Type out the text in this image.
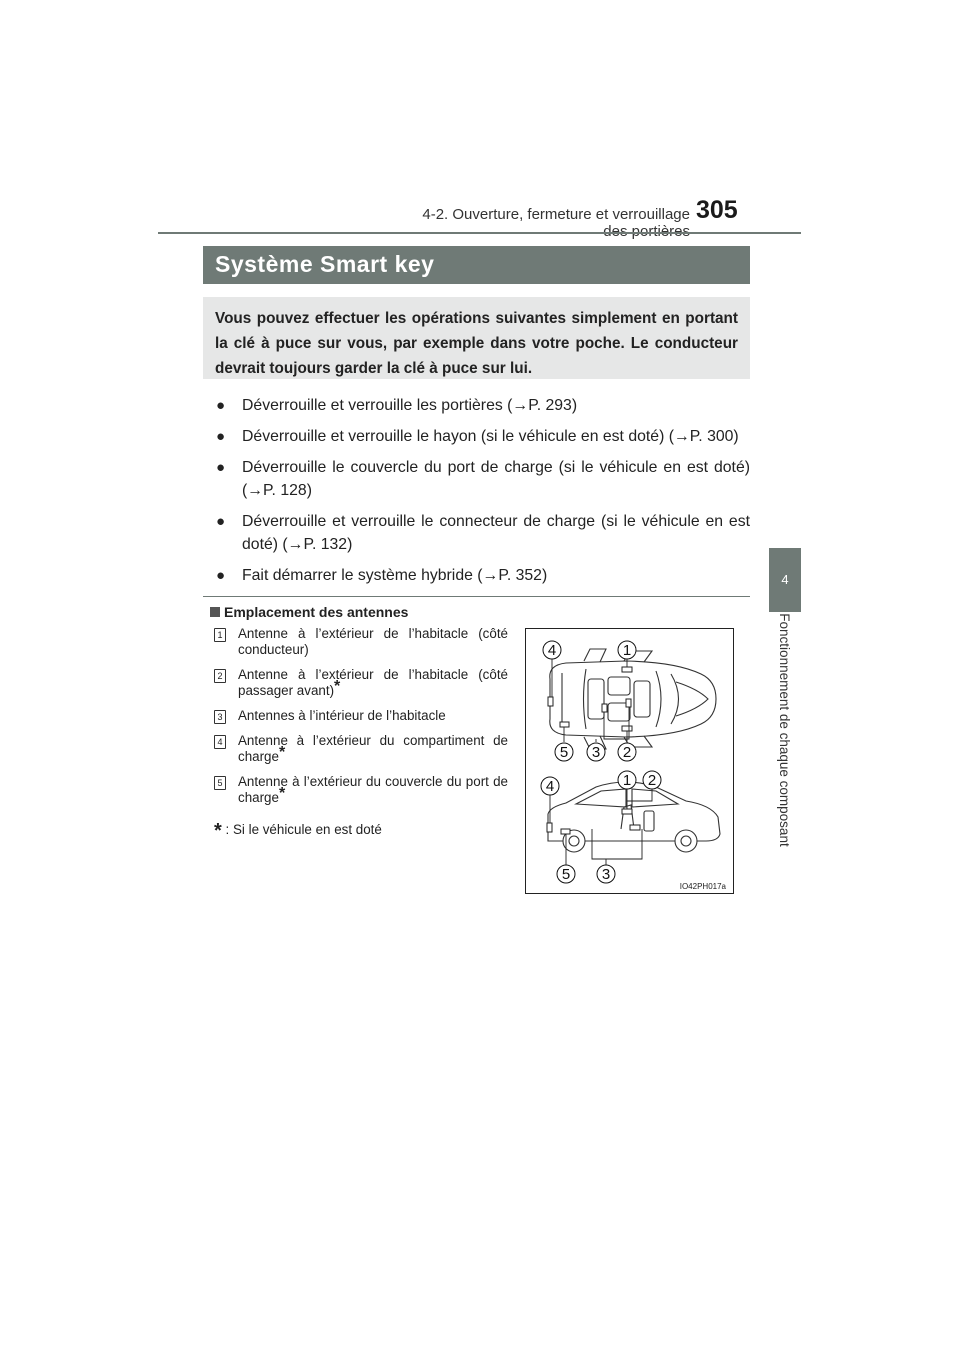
4-2. Ouverture, fermeture et verrouillage 305
4
Fonctionnement de chaque composant
Système Smart key

Vous pouvez effectuer les opérations suivantes simplement en portant la clé à puce sur vous, par exemple dans votre poche. Le conducteur devrait toujours garder la clé à puce sur lui.

● Déverrouille et verrouille les portières (→P. 293)
● Déverrouille et verrouille le hayon (si le véhicule en est doté) (→P. 300)
● Déverrouille le couvercle du port de charge (si le véhicule en est doté) (→P. 128)
● Déverrouille et verrouille le connecteur de charge (si le véhicule en est doté) (→P. 132)
● Fait démarrer le système hybride (→P. 352)
Emplacement des antennes
1 Antenne à l’extérieur de l’habitacle (côté conducteur)
2 Antenne à l’extérieur de l’habitacle (côté passager avant)*
3 Antennes à l’intérieur de l’habitacle
4 Antenne à l’extérieur du compartiment de charge*
5 Antenne à l’extérieur du couvercle du port de charge*
* : Si le véhicule en est doté
4	1
5 3 2
4	1 2
5 3
IO42PH017a
